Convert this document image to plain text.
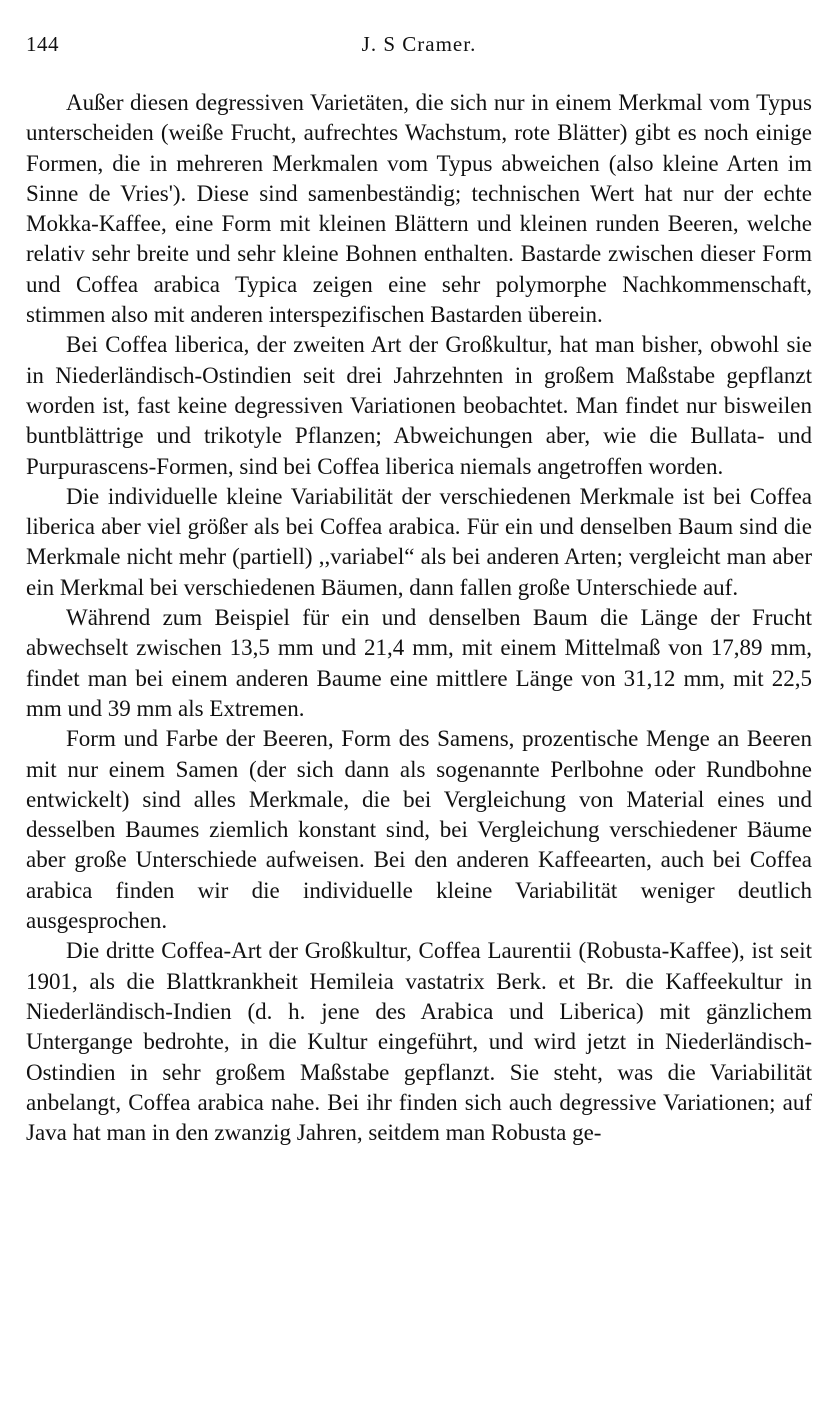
144	J. S Cramer.

Außer diesen degressiven Varietäten, die sich nur in einem Merkmal vom Typus unterscheiden (weiße Frucht, aufrechtes Wachstum, rote Blätter) gibt es noch einige Formen, die in mehreren Merkmalen vom Typus abweichen (also kleine Arten im Sinne de Vries'). Diese sind samenbeständig; technischen Wert hat nur der echte Mokka-Kaffee, eine Form mit kleinen Blättern und kleinen runden Beeren, welche relativ sehr breite und sehr kleine Bohnen enthalten. Bastarde zwischen dieser Form und Coffea arabica Typica zeigen eine sehr polymorphe Nachkommenschaft, stimmen also mit anderen interspezifischen Bastarden überein.

Bei Coffea liberica, der zweiten Art der Großkultur, hat man bisher, obwohl sie in Niederländisch-Ostindien seit drei Jahrzehnten in großem Maßstabe gepflanzt worden ist, fast keine degressiven Variationen beobachtet. Man findet nur bisweilen buntblättrige und trikotyle Pflanzen; Abweichungen aber, wie die Bullata- und Purpurascens-Formen, sind bei Coffea liberica niemals angetroffen worden.

Die individuelle kleine Variabilität der verschiedenen Merkmale ist bei Coffea liberica aber viel größer als bei Coffea arabica. Für ein und denselben Baum sind die Merkmale nicht mehr (partiell) ,,variabel“ als bei anderen Arten; vergleicht man aber ein Merkmal bei verschiedenen Bäumen, dann fallen große Unterschiede auf.

Während zum Beispiel für ein und denselben Baum die Länge der Frucht abwechselt zwischen 13,5 mm und 21,4 mm, mit einem Mittelmaß von 17,89 mm, findet man bei einem anderen Baume eine mittlere Länge von 31,12 mm, mit 22,5 mm und 39 mm als Extremen.

Form und Farbe der Beeren, Form des Samens, prozentische Menge an Beeren mit nur einem Samen (der sich dann als sogenannte Perlbohne oder Rundbohne entwickelt) sind alles Merkmale, die bei Vergleichung von Material eines und desselben Baumes ziemlich konstant sind, bei Vergleichung verschiedener Bäume aber große Unterschiede aufweisen. Bei den anderen Kaffeearten, auch bei Coffea arabica finden wir die individuelle kleine Variabilität weniger deutlich ausgesprochen.

Die dritte Coffea-Art der Großkultur, Coffea Laurentii (Robusta-Kaffee), ist seit 1901, als die Blattkrankheit Hemileia vastatrix Berk. et Br. die Kaffeekultur in Niederländisch-Indien (d. h. jene des Arabica und Liberica) mit gänzlichem Untergange bedrohte, in die Kultur eingeführt, und wird jetzt in Niederländisch-Ostindien in sehr großem Maßstabe gepflanzt. Sie steht, was die Variabilität anbelangt, Coffea arabica nahe. Bei ihr finden sich auch degressive Variationen; auf Java hat man in den zwanzig Jahren, seitdem man Robusta ge-
